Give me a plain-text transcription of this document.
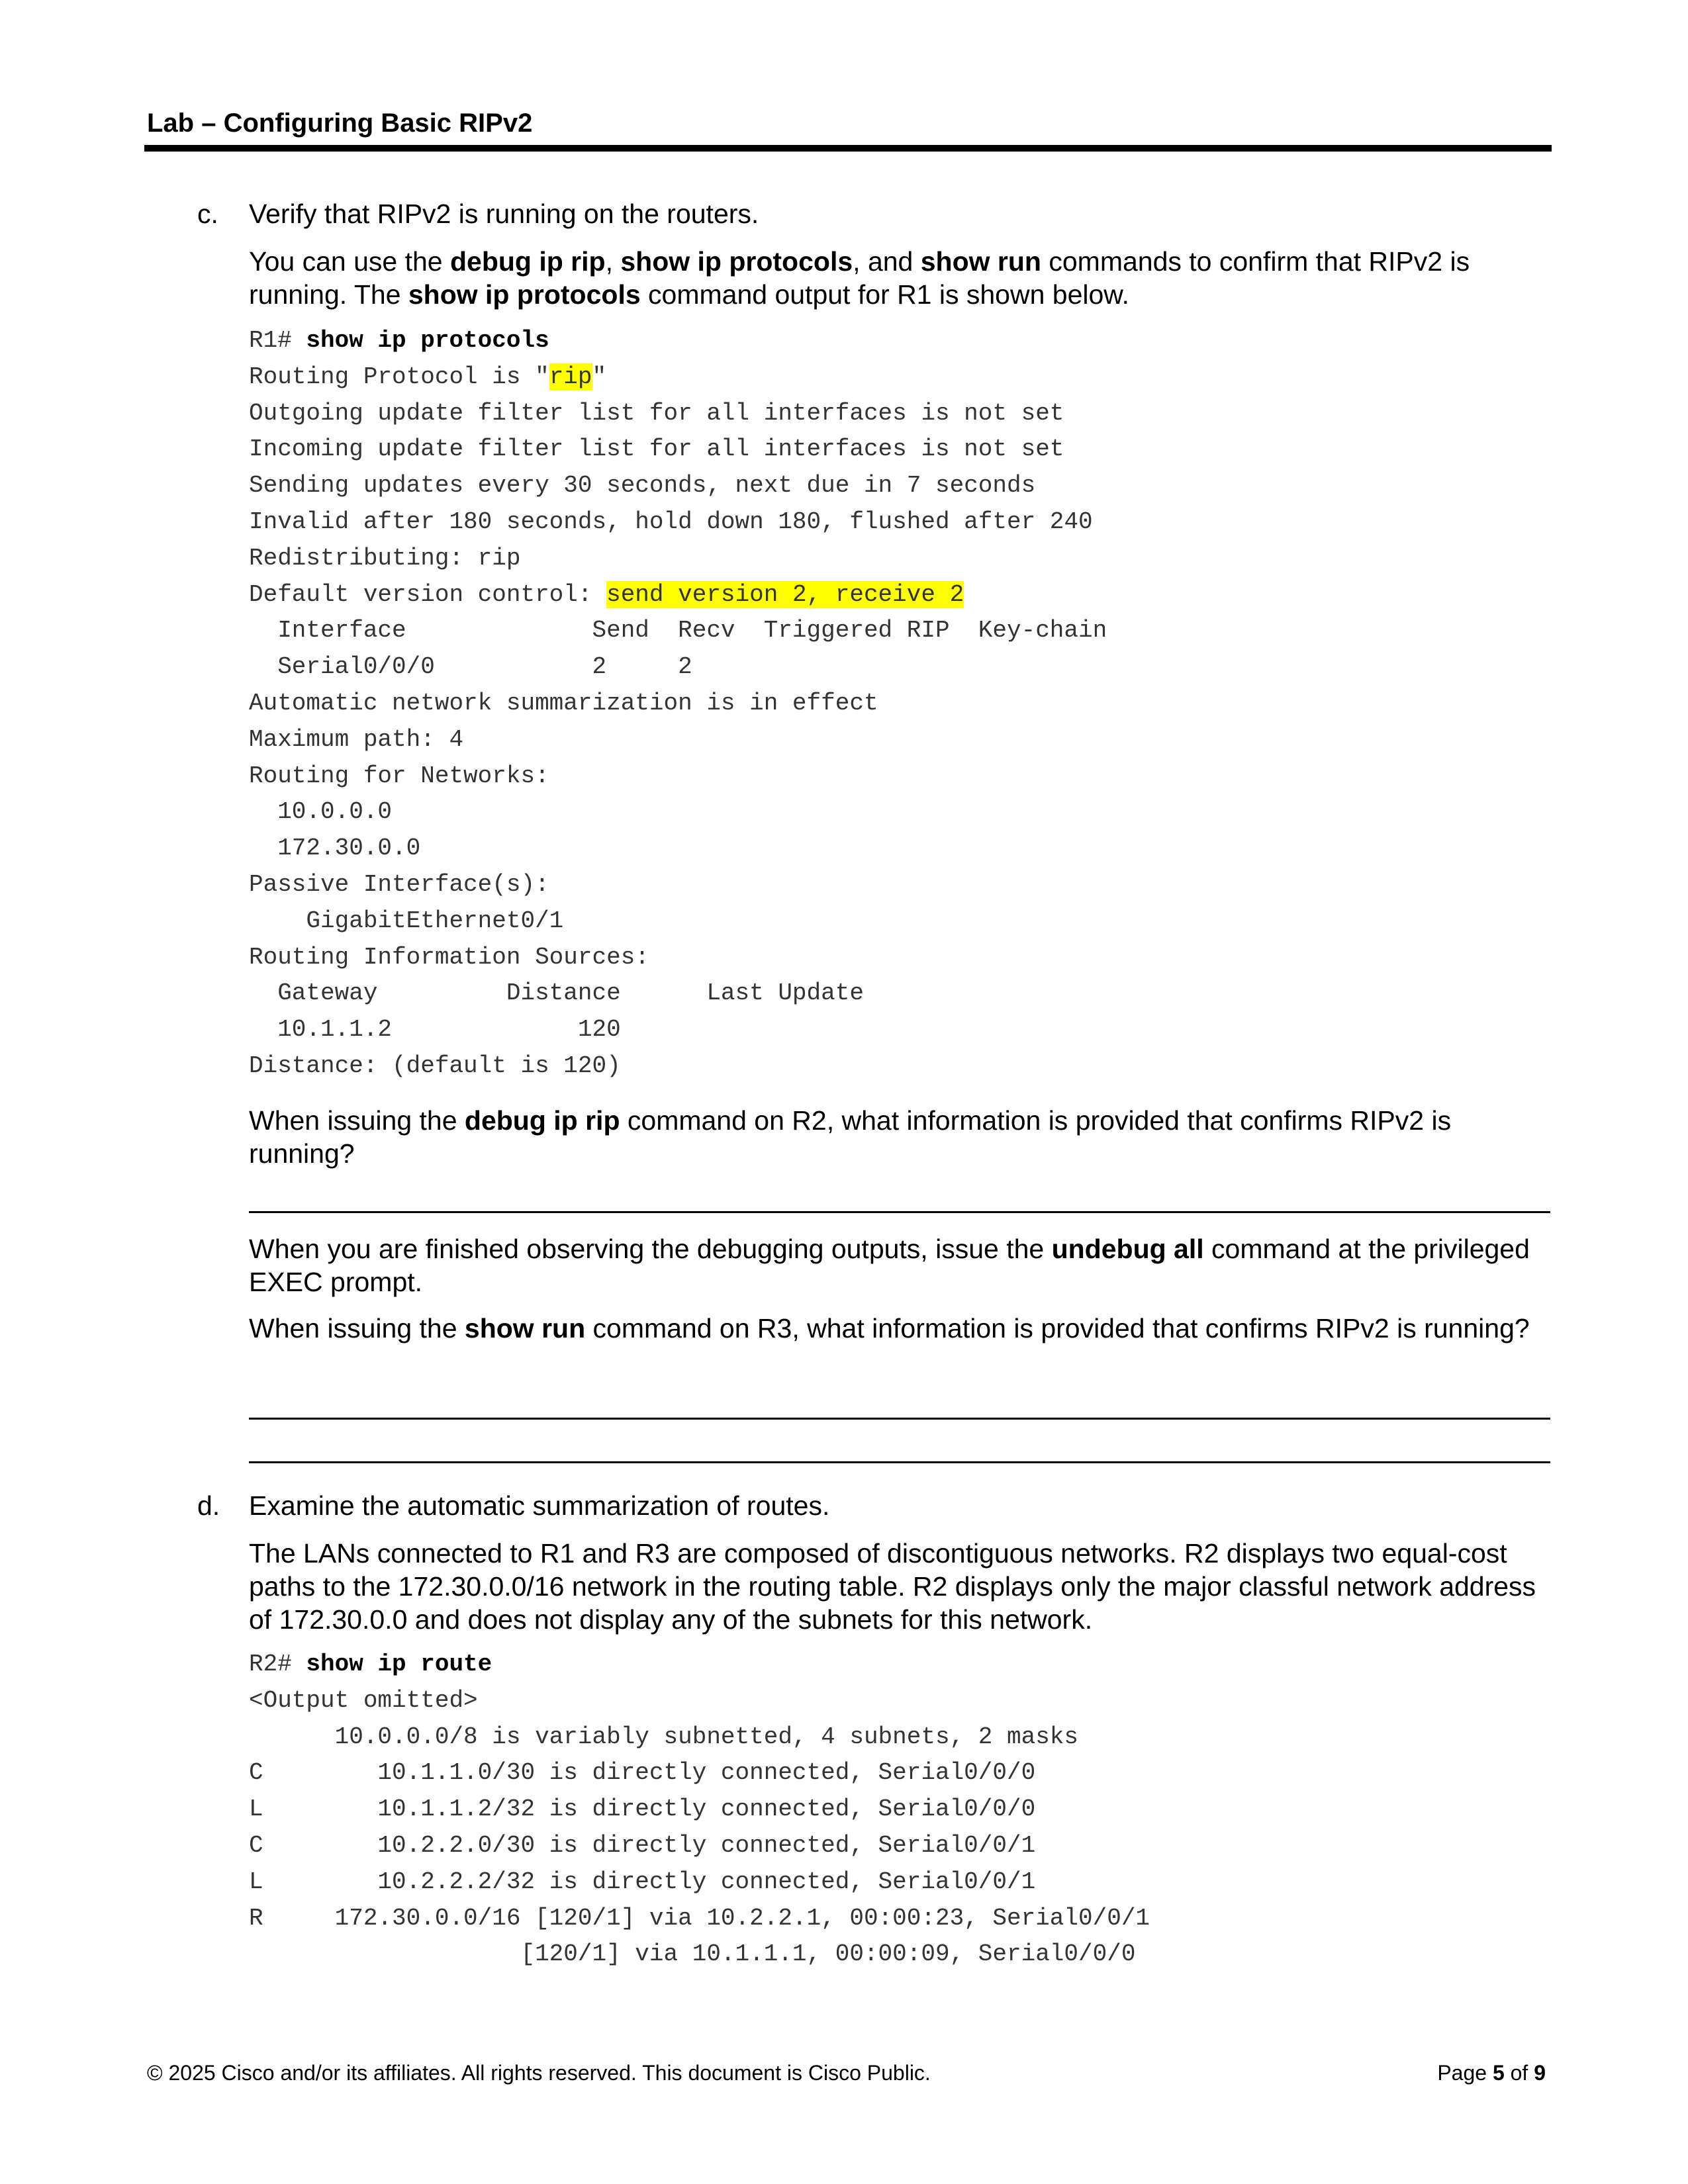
Lab – Configuring Basic RIPv2
c. Verify that RIPv2 is running on the routers.
You can use the debug ip rip, show ip protocols, and show run commands to confirm that RIPv2 is running. The show ip protocols command output for R1 is shown below.
R1# show ip protocols
Routing Protocol is "rip"
Outgoing update filter list for all interfaces is not set
Incoming update filter list for all interfaces is not set
Sending updates every 30 seconds, next due in 7 seconds
Invalid after 180 seconds, hold down 180, flushed after 240
Redistributing: rip
Default version control: send version 2, receive 2
Interface             Send  Recv  Triggered RIP  Key-chain
Serial0/0/0           2     2
Automatic network summarization is in effect
Maximum path: 4
Routing for Networks:
10.0.0.0
172.30.0.0
Passive Interface(s):
GigabitEthernet0/1
Routing Information Sources:
Gateway         Distance      Last Update
10.1.1.2             120
Distance: (default is 120)
When issuing the debug ip rip command on R2, what information is provided that confirms RIPv2 is running?
When you are finished observing the debugging outputs, issue the undebug all command at the privileged EXEC prompt.
When issuing the show run command on R3, what information is provided that confirms RIPv2 is running?
d. Examine the automatic summarization of routes.
The LANs connected to R1 and R3 are composed of discontiguous networks. R2 displays two equal-cost paths to the 172.30.0.0/16 network in the routing table. R2 displays only the major classful network address of 172.30.0.0 and does not display any of the subnets for this network.
R2# show ip route
<Output omitted>
10.0.0.0/8 is variably subnetted, 4 subnets, 2 masks
C        10.1.1.0/30 is directly connected, Serial0/0/0
L        10.1.1.2/32 is directly connected, Serial0/0/0
C        10.2.2.0/30 is directly connected, Serial0/0/1
L        10.2.2.2/32 is directly connected, Serial0/0/1
R     172.30.0.0/16 [120/1] via 10.2.2.1, 00:00:23, Serial0/0/1
[120/1] via 10.1.1.1, 00:00:09, Serial0/0/0
© 2025 Cisco and/or its affiliates. All rights reserved. This document is Cisco Public.	Page 5 of 9
